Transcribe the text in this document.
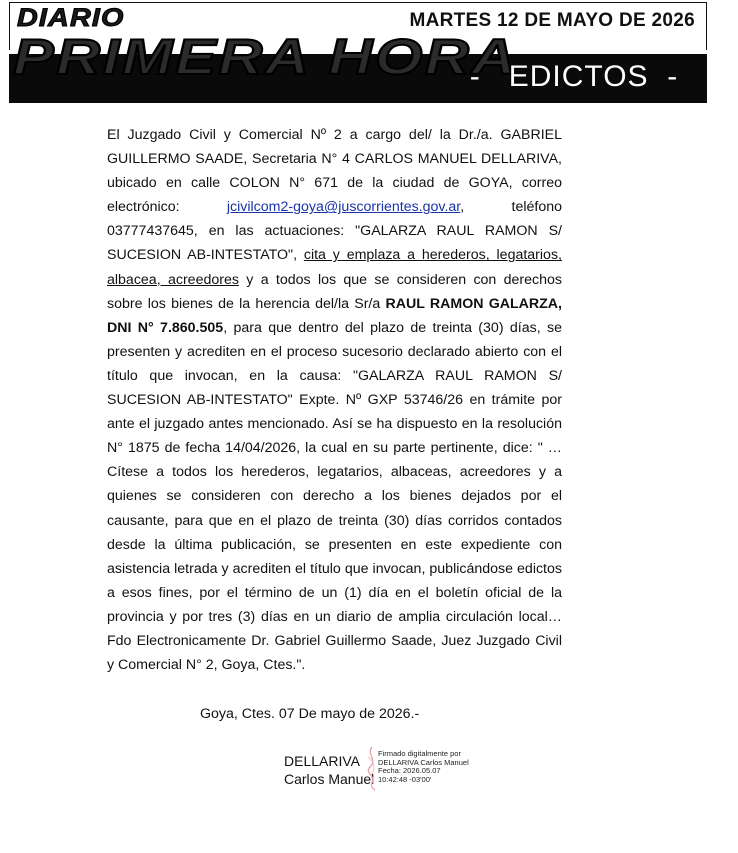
DIARIO
PRIMERA HORA
MARTES 12 DE MAYO DE 2026
-   EDICTOS  -

El Juzgado Civil y Comercial Nº 2 a cargo del/ la Dr./a. GABRIEL GUILLERMO SAADE, Secretaria N° 4 CARLOS MANUEL DELLARIVA, ubicado en calle COLON N° 671 de la ciudad de GOYA, correo electrónico: jcivilcom2-goya@juscorrientes.gov.ar, teléfono 03777437645, en las actuaciones: "GALARZA RAUL RAMON S/ SUCESION AB-INTESTATO", cita y emplaza a herederos, legatarios, albacea, acreedores y a todos los que se consideren con derechos sobre los bienes de la herencia del/la Sr/a RAUL RAMON GALARZA, DNI N° 7.860.505, para que dentro del plazo de treinta (30) días, se presenten y acrediten en el proceso sucesorio declarado abierto con el título que invocan, en la causa: "GALARZA RAUL RAMON S/ SUCESION AB-INTESTATO" Expte. Nº GXP 53746/26 en trámite por ante el juzgado antes mencionado. Así se ha dispuesto en la resolución N° 1875 de fecha 14/04/2026, la cual en su parte pertinente, dice: " … Cítese a todos los herederos, legatarios, albaceas, acreedores y a quienes se consideren con derecho a los bienes dejados por el causante, para que en el plazo de treinta (30) días corridos contados desde la última publicación, se presenten en este expediente con asistencia letrada y acrediten el título que invocan, publicándose edictos a esos fines, por el término de un (1) día en el boletín oficial de la provincia y por tres (3) días en un diario de amplia circulación local… Fdo Electronicamente Dr. Gabriel Guillermo Saade, Juez Juzgado Civil y Comercial N° 2, Goya, Ctes.".

Goya, Ctes. 07 De mayo de 2026.-
DELLARIVA
Carlos Manuel
Firmado digitalmente por
DELLARIVA Carlos Manuel
Fecha: 2026.05.07
10:42:48 -03'00'
